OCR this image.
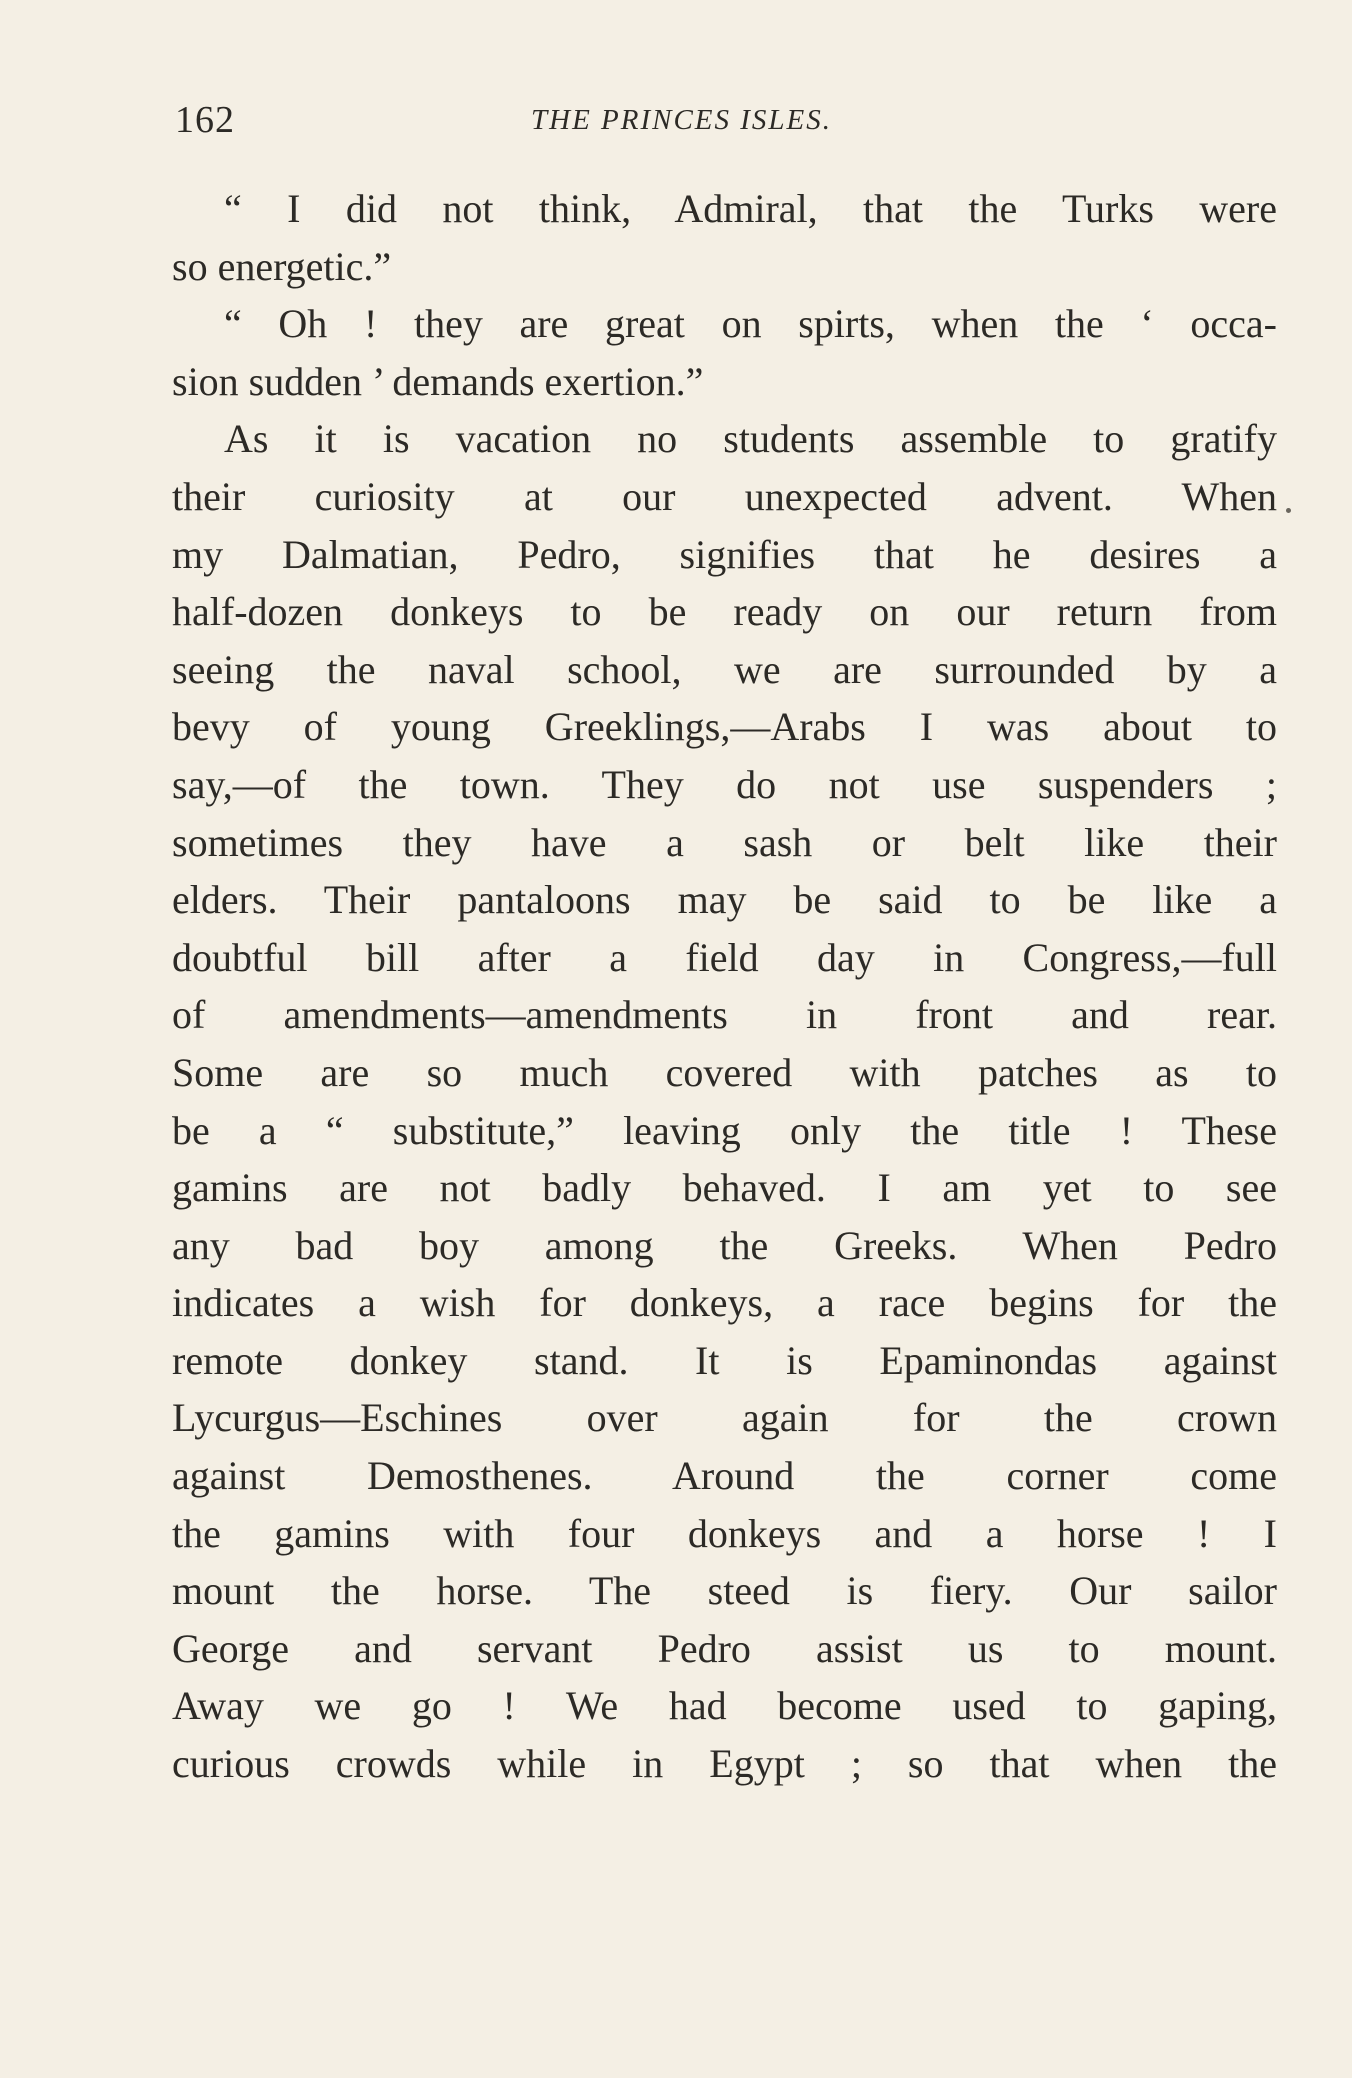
162	THE PRINCES ISLES.
“ I did not think, Admiral, that the Turks were
so energetic.”
“ Oh ! they are great on spirts, when the ‘ occa-
sion sudden ’ demands exertion.”
As it is vacation no students assemble to gratify
their curiosity at our unexpected advent. When
my Dalmatian, Pedro, signifies that he desires a
half-dozen donkeys to be ready on our return from
seeing the naval school, we are surrounded by a
bevy of young Greeklings,—Arabs I was about to
say,—of the town. They do not use suspenders ;
sometimes they have a sash or belt like their
elders. Their pantaloons may be said to be like a
doubtful bill after a field day in Congress,—full
of amendments—amendments in front and rear.
Some are so much covered with patches as to
be a “ substitute,” leaving only the title ! These
gamins are not badly behaved. I am yet to see
any bad boy among the Greeks. When Pedro
indicates a wish for donkeys, a race begins for the
remote donkey stand. It is Epaminondas against
Lycurgus—Eschines over again for the crown
against Demosthenes. Around the corner come
the gamins with four donkeys and a horse ! I
mount the horse. The steed is fiery. Our sailor
George and servant Pedro assist us to mount.
Away we go ! We had become used to gaping,
curious crowds while in Egypt ; so that when the
